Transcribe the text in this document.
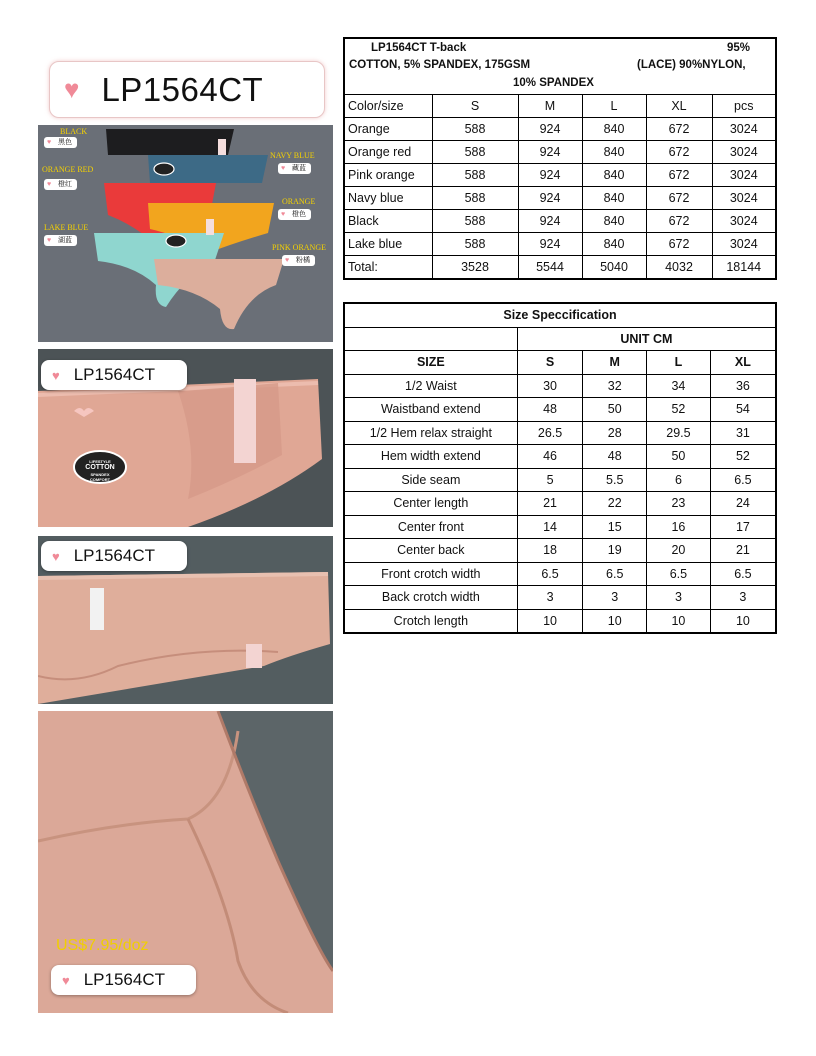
♥ LP1564CT
BLACK
♥ 黑色
NAVY BLUE
♥ 藏蓝
ORANGE RED
♥ 橙红
ORANGE
♥ 橙色
LAKE BLUE
♥ 湖蓝
PINK ORANGE
♥ 粉橘
LIFESTYLE
COTTON
SPANDEX
COMFORT
♥ LP1564CT
♥ LP1564CT
US$7.95/doz
♥ LP1564CT
LP1564CT T-back
COTTON, 5% SPANDEX, 175GSM
95%
(LACE) 90%NYLON,
10% SPANDEX					

Color/size	S	M	L	XL	pcs
Orange	588	924	840	672	3024
Orange red	588	924	840	672	3024
Pink orange	588	924	840	672	3024
Navy blue	588	924	840	672	3024
Black	588	924	840	672	3024
Lake blue	588	924	840	672	3024
Total:	3528	5544	5040	4032	18144
Size Speccification				
	UNIT CM			
SIZE	S	M	L	XL
1/2 Waist	30	32	34	36
Waistband extend	48	50	52	54
1/2 Hem relax straight	26.5	28	29.5	31
Hem width extend	46	48	50	52
Side seam	5	5.5	6	6.5
Center length	21	22	23	24
Center front	14	15	16	17
Center back	18	19	20	21
Front crotch width	6.5	6.5	6.5	6.5
Back crotch width	3	3	3	3
Crotch length	10	10	10	10
